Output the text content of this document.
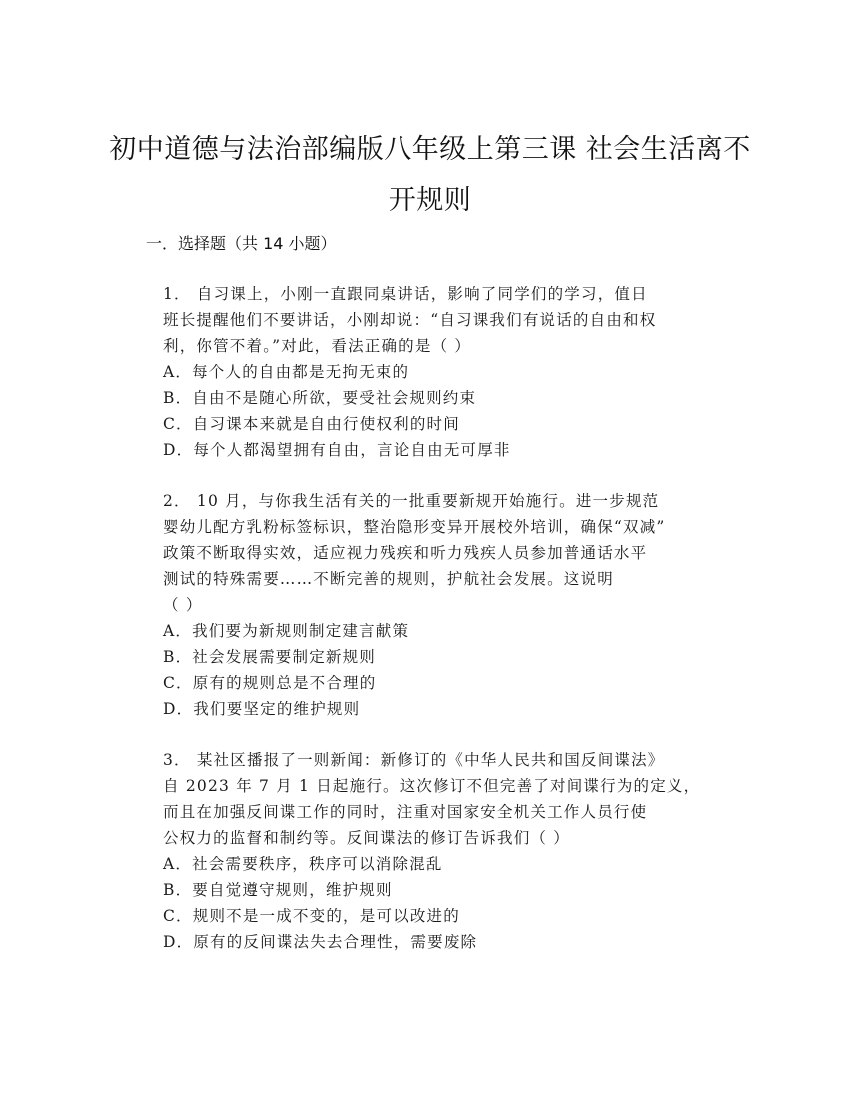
初中道德与法治部编版八年级上第三课 社会生活离不
开规则
一．选择题（共 14 小题）
1． 自习课上，小刚一直跟同桌讲话，影响了同学们的学习，值日
班长提醒他们不要讲话，小刚却说：“自习课我们有说话的自由和权
利，你管不着。”对此，看法正确的是（ ）
A．每个人的自由都是无拘无束的
B．自由不是随心所欲，要受社会规则约束
C．自习课本来就是自由行使权利的时间
D．每个人都渴望拥有自由，言论自由无可厚非
2． 10 月，与你我生活有关的一批重要新规开始施行。进一步规范
婴幼儿配方乳粉标签标识，整治隐形变异开展校外培训，确保“双减”
政策不断取得实效，适应视力残疾和听力残疾人员参加普通话水平
测试的特殊需要……不断完善的规则，护航社会发展。这说明
（ ）
A．我们要为新规则制定建言献策
B．社会发展需要制定新规则
C．原有的规则总是不合理的
D．我们要坚定的维护规则
3． 某社区播报了一则新闻：新修订的《中华人民共和国反间谍法》
自 2023 年 7 月 1 日起施行。这次修订不但完善了对间谍行为的定义，
而且在加强反间谍工作的同时，注重对国家安全机关工作人员行使
公权力的监督和制约等。反间谍法的修订告诉我们（ ）
A．社会需要秩序，秩序可以消除混乱
B．要自觉遵守规则，维护规则
C．规则不是一成不变的，是可以改进的
D．原有的反间谍法失去合理性，需要废除
